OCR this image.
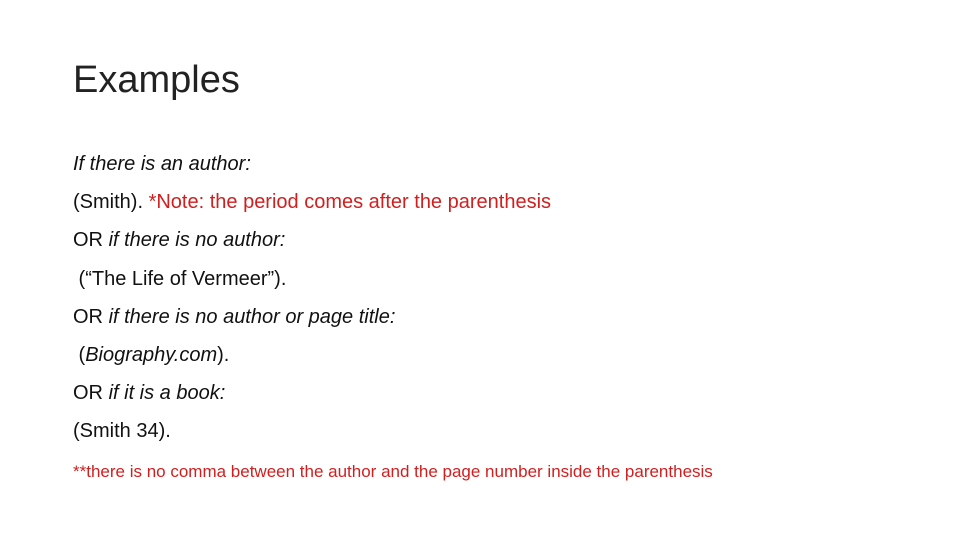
Examples
If there is an author:
(Smith). *Note: the period comes after the parenthesis
OR if there is no author:
(“The Life of Vermeer”).
OR if there is no author or page title:
(Biography.com).
OR if it is a book:
(Smith 34).
**there is no comma between the author and the page number inside the parenthesis
